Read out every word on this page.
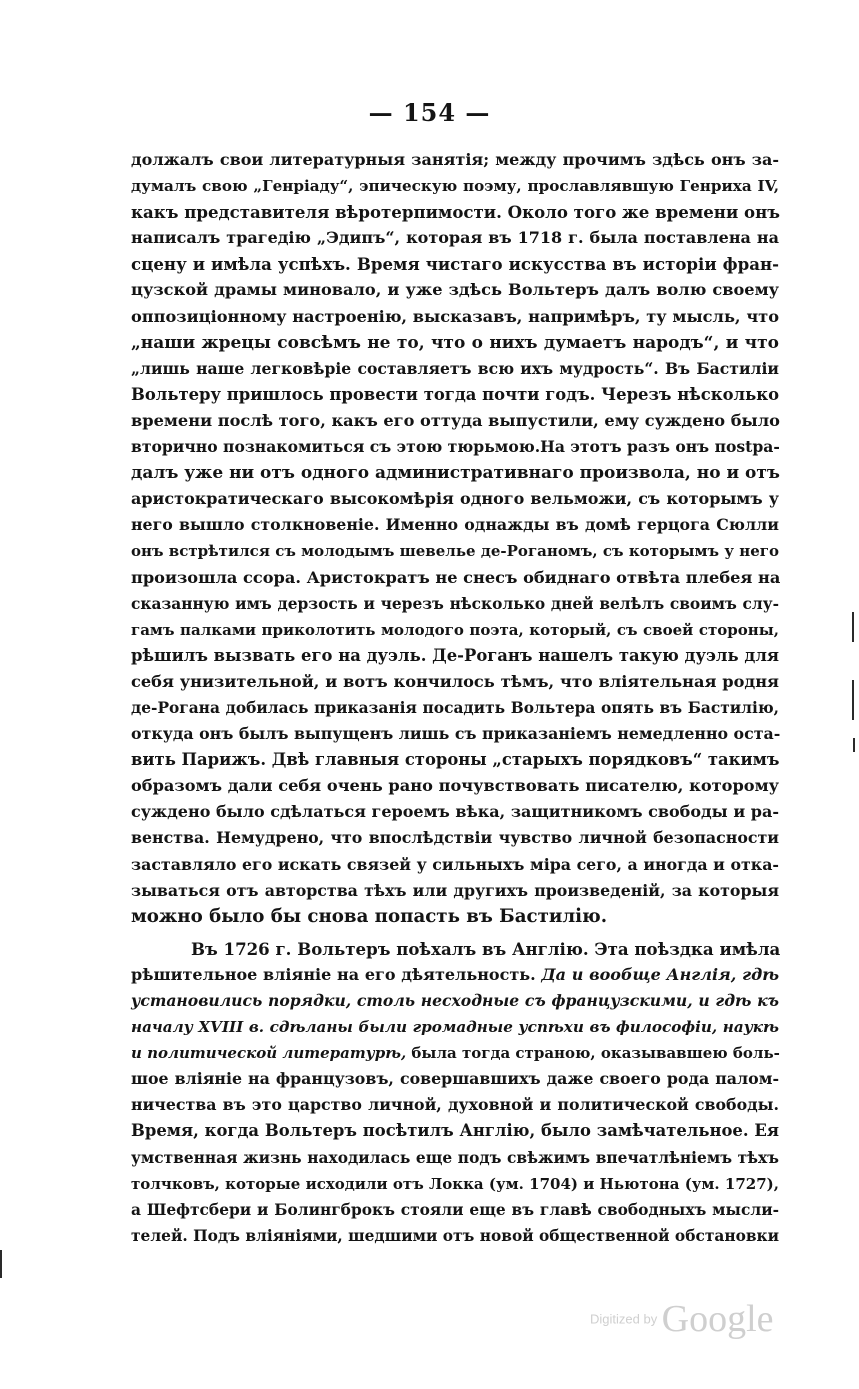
— 154 —
должалъ свои литературныя занятія; между прочимъ здѣсь онъ за-
думалъ свою „Генріаду“, эпическую поэму, прославлявшую Генриха IV,
какъ представителя вѣротерпимости. Около того же времени онъ
написалъ трагедію „Эдипъ“, которая въ 1718 г. была поставлена на
сцену и имѣла успѣхъ. Время чистаго искусства въ исторіи фран-
цузской драмы миновало, и уже здѣсь Вольтеръ далъ волю своему
оппозиціонному настроенію, высказавъ, напримѣръ, ту мысль, что
„наши жрецы совсѣмъ не то, что о нихъ думаетъ народъ“, и что
„лишь наше легковѣріе составляетъ всю ихъ мудрость“. Въ Бастиліи
Вольтеру пришлось провести тогда почти годъ. Черезъ нѣсколько
времени послѣ того, какъ его оттуда выпустили, ему суждено было
вторично познакомиться съ этою тюрьмою.На этотъ разъ онъ пostра-
далъ уже ни отъ одного административнаго произвола, но и отъ
аристократическаго высокомѣрія одного вельможи, съ которымъ у
него вышло столкновеніе. Именно однажды въ домѣ герцога Сюлли
онъ встрѣтился съ молодымъ шевелье де-Роганомъ, съ которымъ у него
произошла ссора. Аристократъ не снесъ обиднаго отвѣта плебея на
сказанную имъ дерзость и черезъ нѣсколько дней велѣлъ своимъ слу-
гамъ палками приколотить молодого поэта, который, съ своей стороны,
рѣшилъ вызвать его на дуэль. Де-Роганъ нашелъ такую дуэль для
себя унизительной, и вотъ кончилось тѣмъ, что вліятельная родня
де-Рогана добилась приказанія посадить Вольтера опять въ Бастилію,
откуда онъ былъ выпущенъ лишь съ приказаніемъ немедленно оста-
вить Парижъ. Двѣ главныя стороны „старыхъ порядковъ“ такимъ
образомъ дали себя очень рано почувствовать писателю, которому
суждено было сдѣлаться героемъ вѣка, защитникомъ свободы и ра-
венства. Немудрено, что впослѣдствіи чувство личной безопасности
заставляло его искать связей у сильныхъ міра сего, а иногда и отка-
зываться отъ авторства тѣхъ или другихъ произведеній, за которыя
можно было бы снова попасть въ Бастилію.
Въ 1726 г. Вольтеръ поѣхалъ въ Англію. Эта поѣздка имѣла
рѣшительное вліяніе на его дѣятельность. Да и вообще Англія, гдѣ
установились порядки, столь несходные съ французскими, и гдѣ къ
началу XVIII в. сдѣланы были громадные успѣхи въ философіи, наукѣ
и политической литературѣ, была тогда страною, оказывавшею боль-
шое вліяніе на французовъ, совершавшихъ даже своего рода палом-
ничества въ это царство личной, духовной и политической свободы.
Время, когда Вольтеръ посѣтилъ Англію, было замѣчательное. Ея
умственная жизнь находилась еще подъ свѣжимъ впечатлѣніемъ тѣхъ
толчковъ, которые исходили отъ Локка (ум. 1704) и Ньютона (ум. 1727),
а Шефтсбери и Болингброкъ стояли еще въ главѣ свободныхъ мысли-
телей. Подъ вліяніями, шедшими отъ новой общественной обстановки
Digitized by Google
